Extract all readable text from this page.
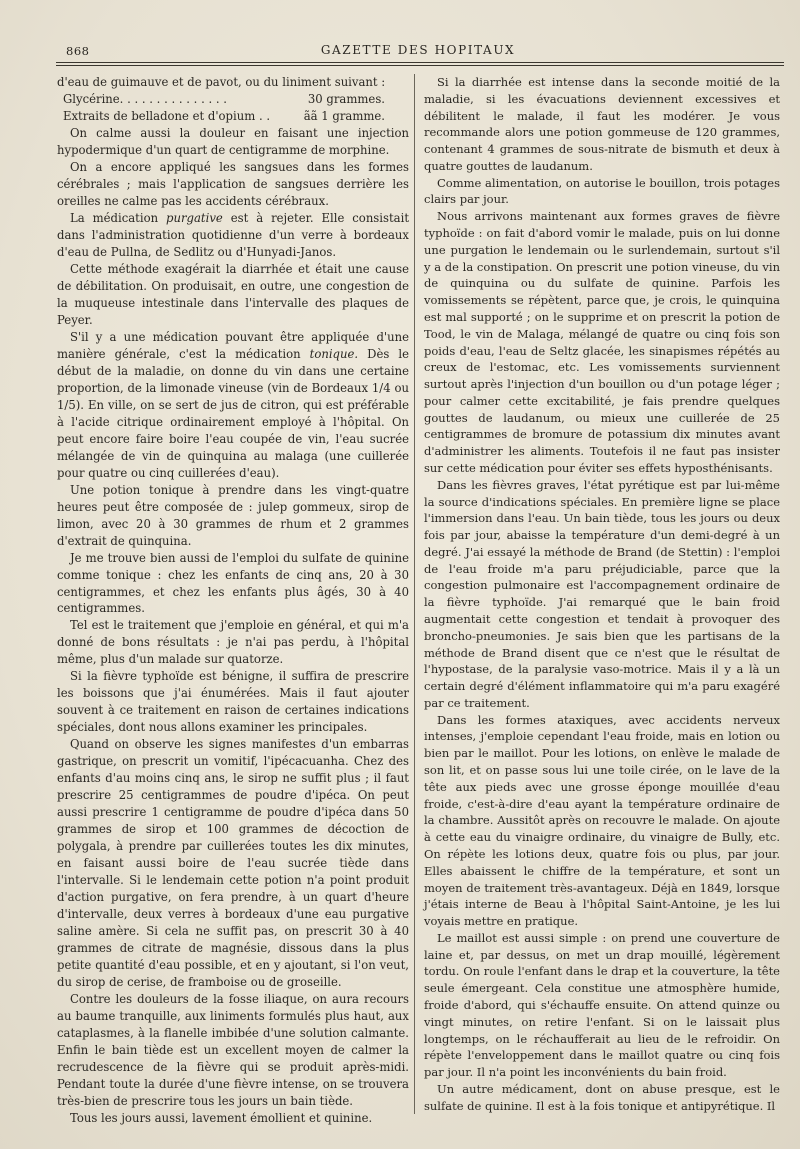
868	GAZETTE DES HOPITAUX

d'eau de guimauve et de pavot, ou du liniment suivant :

Glycérine. . . . . . . . . . . . . . .	30 grammes.
Extraits de belladone et d'opium . .	ãã 1 gramme.

On calme aussi la douleur en faisant une injection hypodermique d'un quart de centigramme de morphine.

On a encore appliqué les sangsues dans les formes cérébrales ; mais l'application de sangsues derrière les oreilles ne calme pas les accidents cérébraux.

La médication purgative est à rejeter. Elle consistait dans l'administration quotidienne d'un verre à bordeaux d'eau de Pullna, de Sedlitz ou d'Hunyadi-Janos.

Cette méthode exagérait la diarrhée et était une cause de débilitation. On produisait, en outre, une congestion de la muqueuse intestinale dans l'intervalle des plaques de Peyer.

S'il y a une médication pouvant être appliquée d'une manière générale, c'est la médication tonique. Dès le début de la maladie, on donne du vin dans une certaine proportion, de la limonade vineuse (vin de Bordeaux 1/4 ou 1/5). En ville, on se sert de jus de citron, qui est préférable à l'acide citrique ordinairement employé à l'hôpital. On peut encore faire boire l'eau coupée de vin, l'eau sucrée mélangée de vin de quinquina au malaga (une cuillerée pour quatre ou cinq cuillerées d'eau).

Une potion tonique à prendre dans les vingt-quatre heures peut être composée de : julep gommeux, sirop de limon, avec 20 à 30 grammes de rhum et 2 grammes d'extrait de quinquina.

Je me trouve bien aussi de l'emploi du sulfate de quinine comme tonique : chez les enfants de cinq ans, 20 à 30 centigrammes, et chez les enfants plus âgés, 30 à 40 centigrammes.

Tel est le traitement que j'emploie en général, et qui m'a donné de bons résultats : je n'ai pas perdu, à l'hôpital même, plus d'un malade sur quatorze.

Si la fièvre typhoïde est bénigne, il suffira de prescrire les boissons que j'ai énumérées. Mais il faut ajouter souvent à ce traitement en raison de certaines indications spéciales, dont nous allons examiner les principales.

Quand on observe les signes manifestes d'un embarras gastrique, on prescrit un vomitif, l'ipécacuanha. Chez des enfants d'au moins cinq ans, le sirop ne suffit plus ; il faut prescrire 25 centigrammes de poudre d'ipéca. On peut aussi prescrire 1 centigramme de poudre d'ipéca dans 50 grammes de sirop et 100 grammes de décoction de polygala, à prendre par cuillerées toutes les dix minutes, en faisant aussi boire de l'eau sucrée tiède dans l'intervalle. Si le lendemain cette potion n'a point produit d'action purgative, on fera prendre, à un quart d'heure d'intervalle, deux verres à bordeaux d'une eau purgative saline amère. Si cela ne suffit pas, on prescrit 30 à 40 grammes de citrate de magnésie, dissous dans la plus petite quantité d'eau possible, et en y ajoutant, si l'on veut, du sirop de cerise, de framboise ou de groseille.

Contre les douleurs de la fosse iliaque, on aura recours au baume tranquille, aux liniments formulés plus haut, aux cataplasmes, à la flanelle imbibée d'une solution calmante. Enfin le bain tiède est un excellent moyen de calmer la recrudescence de la fièvre qui se produit après-midi. Pendant toute la durée d'une fièvre intense, on se trouvera très-bien de prescrire tous les jours un bain tiède.

Tous les jours aussi, lavement émollient et quinine.

Si la diarrhée est intense dans la seconde moitié de la maladie, si les évacuations deviennent excessives et débilitent le malade, il faut les modérer. Je vous recommande alors une potion gommeuse de 120 grammes, contenant 4 grammes de sous-nitrate de bismuth et deux à quatre gouttes de laudanum.

Comme alimentation, on autorise le bouillon, trois potages clairs par jour.

Nous arrivons maintenant aux formes graves de fièvre typhoïde : on fait d'abord vomir le malade, puis on lui donne une purgation le lendemain ou le surlendemain, surtout s'il y a de la constipation. On prescrit une potion vineuse, du vin de quinquina ou du sulfate de quinine. Parfois les vomissements se répètent, parce que, je crois, le quinquina est mal supporté ; on le supprime et on prescrit la potion de Tood, le vin de Malaga, mélangé de quatre ou cinq fois son poids d'eau, l'eau de Seltz glacée, les sinapismes répétés au creux de l'estomac, etc. Les vomissements surviennent surtout après l'injection d'un bouillon ou d'un potage léger ; pour calmer cette excitabilité, je fais prendre quelques gouttes de laudanum, ou mieux une cuillerée de 25 centigrammes de bromure de potassium dix minutes avant d'administrer les aliments. Toutefois il ne faut pas insister sur cette médication pour éviter ses effets hyposthénisants.

Dans les fièvres graves, l'état pyrétique est par lui-même la source d'indications spéciales. En première ligne se place l'immersion dans l'eau. Un bain tiède, tous les jours ou deux fois par jour, abaisse la température d'un demi-degré à un degré. J'ai essayé la méthode de Brand (de Stettin) : l'emploi de l'eau froide m'a paru préjudiciable, parce que la congestion pulmonaire est l'accompagnement ordinaire de la fièvre typhoïde. J'ai remarqué que le bain froid augmentait cette congestion et tendait à provoquer des broncho-pneumonies. Je sais bien que les partisans de la méthode de Brand disent que ce n'est que le résultat de l'hypostase, de la paralysie vaso-motrice. Mais il y a là un certain degré d'élément inflammatoire qui m'a paru exagéré par ce traitement.

Dans les formes ataxiques, avec accidents nerveux intenses, j'emploie cependant l'eau froide, mais en lotion ou bien par le maillot. Pour les lotions, on enlève le malade de son lit, et on passe sous lui une toile cirée, on le lave de la tête aux pieds avec une grosse éponge mouillée d'eau froide, c'est-à-dire d'eau ayant la température ordinaire de la chambre. Aussitôt après on recouvre le malade. On ajoute à cette eau du vinaigre ordinaire, du vinaigre de Bully, etc. On répète les lotions deux, quatre fois ou plus, par jour. Elles abaissent le chiffre de la température, et sont un moyen de traitement très-avantageux. Déjà en 1849, lorsque j'étais interne de Beau à l'hôpital Saint-Antoine, je les lui voyais mettre en pratique.

Le maillot est aussi simple : on prend une couverture de laine et, par dessus, on met un drap mouillé, légèrement tordu. On roule l'enfant dans le drap et la couverture, la tête seule émergeant. Cela constitue une atmosphère humide, froide d'abord, qui s'échauffe ensuite. On attend quinze ou vingt minutes, on retire l'enfant. Si on le laissait plus longtemps, on le réchaufferait au lieu de le refroidir. On répète l'enveloppement dans le maillot quatre ou cinq fois par jour. Il n'a point les inconvénients du bain froid.

Un autre médicament, dont on abuse presque, est le sulfate de quinine. Il est à la fois tonique et antipyrétique. Il
